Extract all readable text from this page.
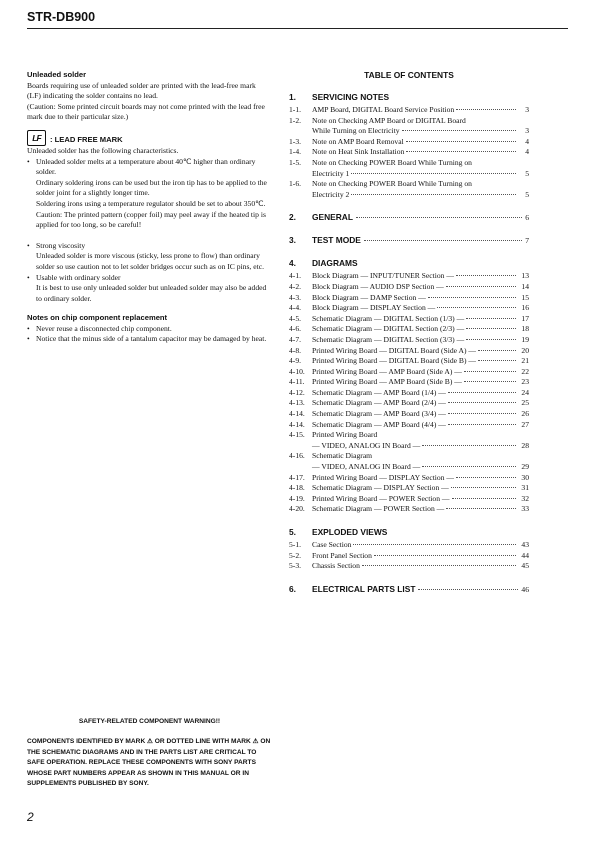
STR-DB900
Unleaded solder

Boards requiring use of unleaded solder are printed with the lead-free mark (LF) indicating the solder contains no lead.

(Caution: Some printed circuit boards may not come printed with the lead free mark due to their particular size.)

LF	: LEAD FREE MARK

Unleaded solder has the following characteristics.

• Unleaded solder melts at a temperature about 40℃ higher than ordinary solder.
Ordinary soldering irons can be used but the iron tip has to be applied to the solder joint for a slightly longer time.
Soldering irons using a temperature regulator should be set to about 350℃.
Caution: The printed pattern (copper foil) may peel away if the heated tip is applied for too long, so be careful!
• Strong viscosity
Unleaded solder is more viscous (sticky, less prone to flow) than ordinary solder so use caution not to let solder bridges occur such as on IC pins, etc.
• Usable with ordinary solder
It is best to use only unleaded solder but unleaded solder may also be added to ordinary solder.
Notes on chip component replacement
• Never reuse a disconnected chip component.
• Notice that the minus side of a tantalum capacitor may be damaged by heat.
SAFETY-RELATED COMPONENT WARNING!!
COMPONENTS IDENTIFIED BY MARK ⚠ OR DOTTED LINE WITH MARK ⚠ ON THE SCHEMATIC DIAGRAMS AND IN THE PARTS LIST ARE CRITICAL TO SAFE OPERATION. REPLACE THESE COMPONENTS WITH SONY PARTS WHOSE PART NUMBERS APPEAR AS SHOWN IN THIS MANUAL OR IN SUPPLEMENTS PUBLISHED BY SONY.
2
TABLE OF CONTENTS
1.	SERVICING NOTES
1-1.	AMP Board, DIGITAL Board Service Position	3
1-2.	Note on Checking AMP Board or DIGITAL Board
While Turning on Electricity	3
1-3.	Note on AMP Board Removal	4
1-4.	Note on Heat Sink Installation	4
1-5.	Note on Checking POWER Board While Turning on
Electricity 1	5
1-6.	Note on Checking POWER Board While Turning on
Electricity 2	5
2.	GENERAL	6
3.	TEST MODE	7
4.	DIAGRAMS
4-1.	Block Diagram — INPUT/TUNER Section —	13
4-2.	Block Diagram — AUDIO DSP Section —	14
4-3.	Block Diagram — DAMP Section —	15
4-4.	Block Diagram — DISPLAY Section —	16
4-5.	Schematic Diagram — DIGITAL Section (1/3) —	17
4-6.	Schematic Diagram — DIGITAL Section (2/3) —	18
4-7.	Schematic Diagram — DIGITAL Section (3/3) —	19
4-8.	Printed Wiring Board — DIGITAL Board (Side A) —	20
4-9.	Printed Wiring Board — DIGITAL Board (Side B) —	21
4-10. Printed Wiring Board — AMP Board (Side A) —	22
4-11. Printed Wiring Board — AMP Board (Side B) —	23
4-12. Schematic Diagram — AMP Board (1/4) —	24
4-13. Schematic Diagram — AMP Board (2/4) —	25
4-14. Schematic Diagram — AMP Board (3/4) —	26
4-14. Schematic Diagram — AMP Board (4/4) —	27
4-15. Printed Wiring Board
— VIDEO, ANALOG IN Board —	28
4-16. Schematic Diagram
— VIDEO, ANALOG IN Board —	29
4-17. Printed Wiring Board — DISPLAY Section —	30
4-18. Schematic Diagram — DISPLAY Section —	31
4-19. Printed Wiring Board — POWER Section —	32
4-20. Schematic Diagram — POWER Section —	33
5.	EXPLODED VIEWS
5-1.	Case Section	43
5-2.	Front Panel Section	44
5-3.	Chassis Section	45
6.	ELECTRICAL PARTS LIST	46
